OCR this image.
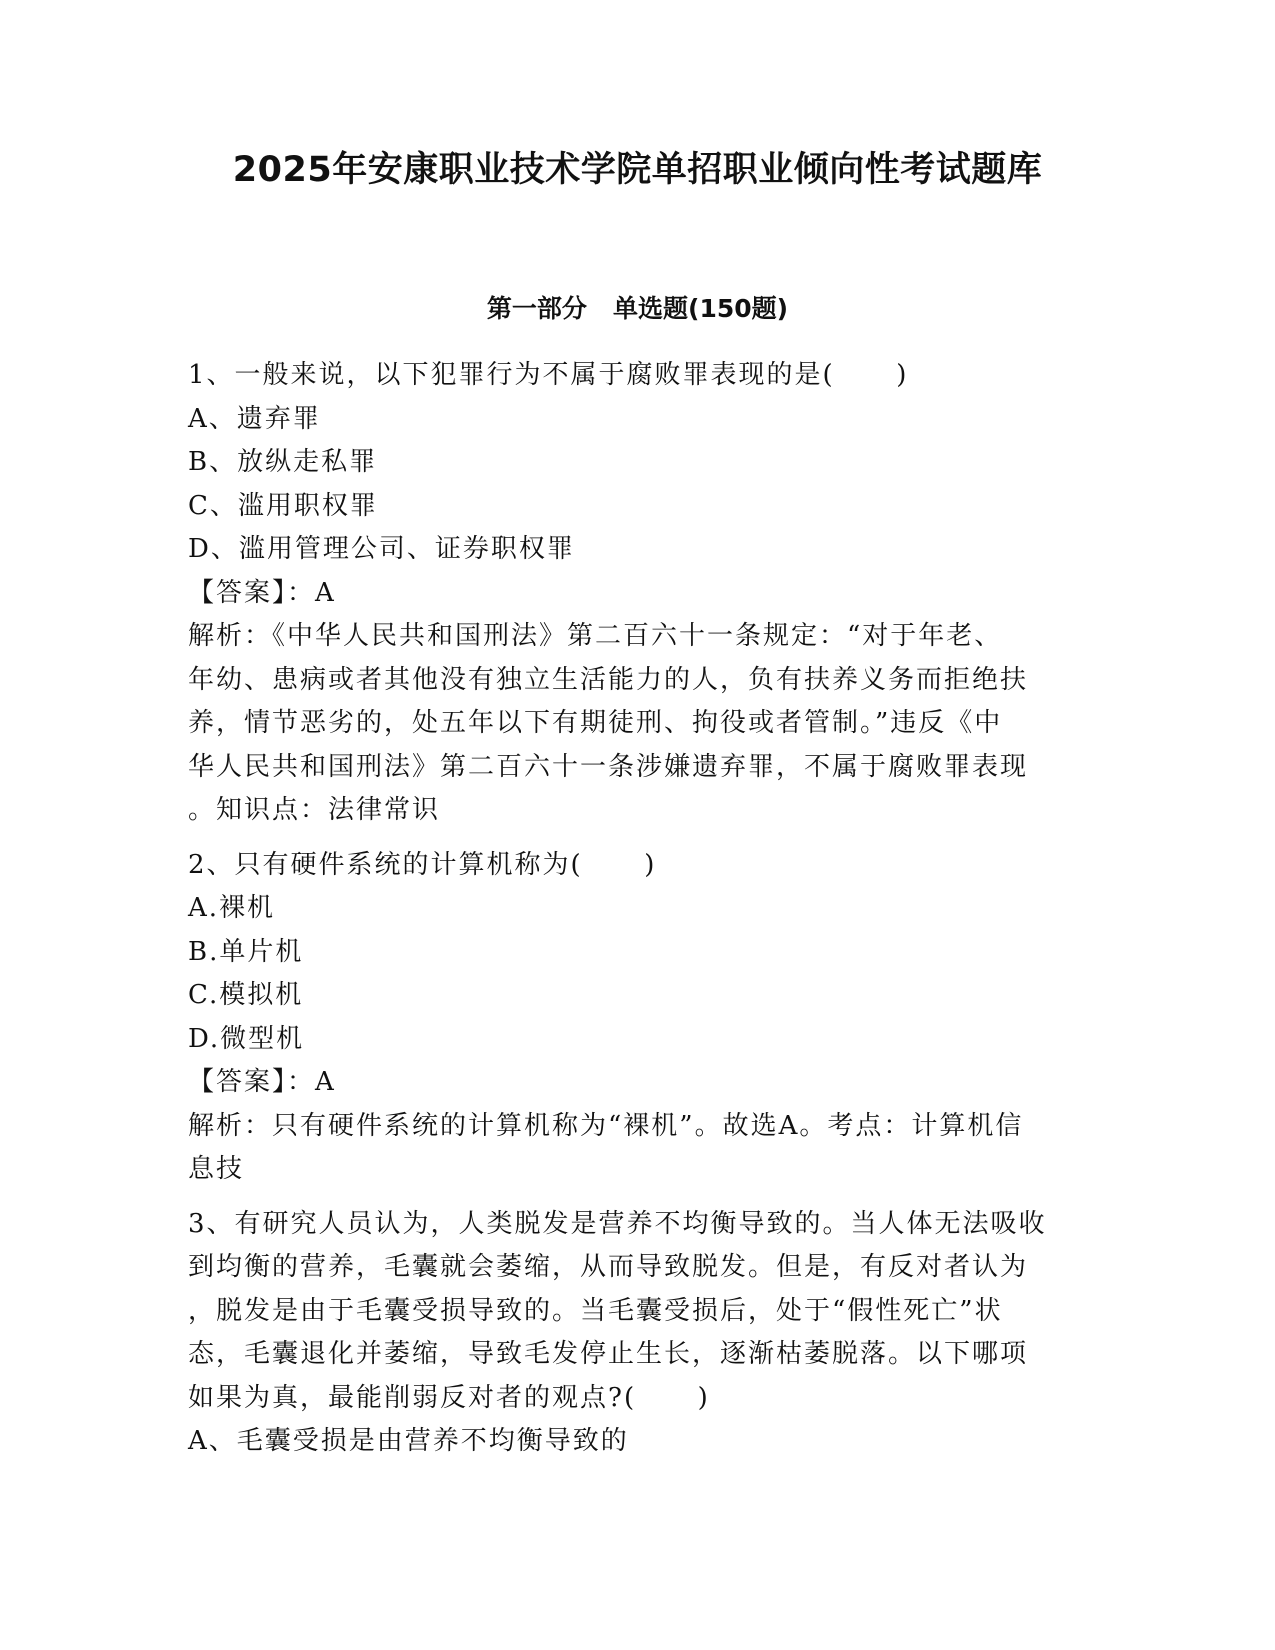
2025年安康职业技术学院单招职业倾向性考试题库
第一部分   单选题(150题)
1、一般来说，以下犯罪行为不属于腐败罪表现的是(      )
A、遗弃罪
B、放纵走私罪
C、滥用职权罪
D、滥用管理公司、证券职权罪
【答案】：A
解析：《中华人民共和国刑法》第二百六十一条规定：“对于年老、
年幼、患病或者其他没有独立生活能力的人，负有扶养义务而拒绝扶
养，情节恶劣的，处五年以下有期徒刑、拘役或者管制。”违反《中
华人民共和国刑法》第二百六十一条涉嫌遗弃罪，不属于腐败罪表现
。知识点：法律常识
2、只有硬件系统的计算机称为(      )
A.裸机
B.单片机
C.模拟机
D.微型机
【答案】：A
解析：只有硬件系统的计算机称为“裸机”。故选A。考点：计算机信
息技
3、有研究人员认为，人类脱发是营养不均衡导致的。当人体无法吸收
到均衡的营养，毛囊就会萎缩，从而导致脱发。但是，有反对者认为
，脱发是由于毛囊受损导致的。当毛囊受损后，处于“假性死亡”状
态，毛囊退化并萎缩，导致毛发停止生长，逐渐枯萎脱落。以下哪项
如果为真，最能削弱反对者的观点?(      )
A、毛囊受损是由营养不均衡导致的
